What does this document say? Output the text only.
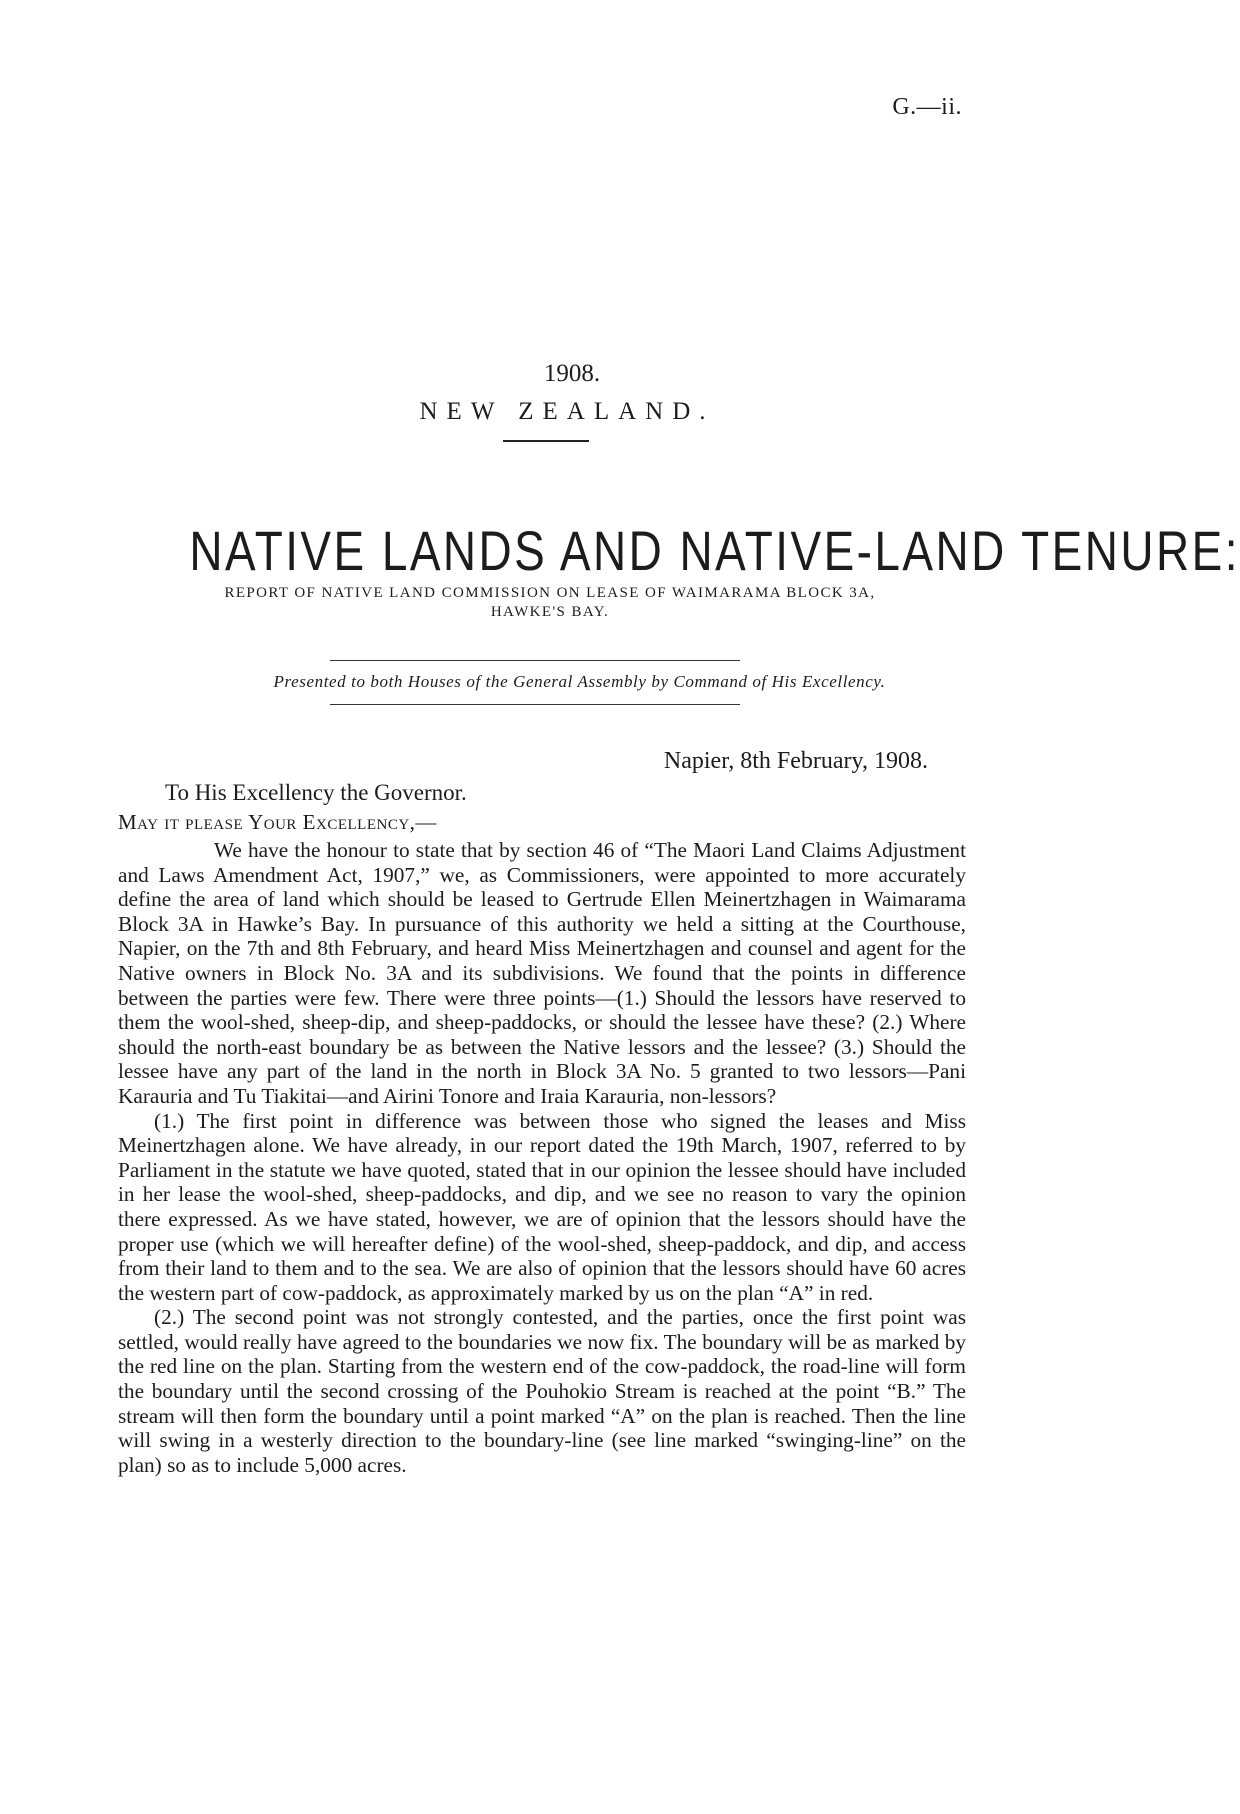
G.—ii.
1908.
NEW ZEALAND.
NATIVE LANDS AND NATIVE-LAND TENURE:
REPORT OF NATIVE LAND COMMISSION ON LEASE OF WAIMARAMA BLOCK 3A,
HAWKE'S BAY.
Presented to both Houses of the General Assembly by Command of His Excellency.
Napier, 8th February, 1908.
To His Excellency the Governor.
May it please Your Excellency,—

We have the honour to state that by section 46 of “The Maori Land Claims Adjustment and Laws Amendment Act, 1907,” we, as Commissioners, were appointed to more accurately define the area of land which should be leased to Gertrude Ellen Meinertzhagen in Waimarama Block 3A in Hawke’s Bay. In pursuance of this authority we held a sitting at the Courthouse, Napier, on the 7th and 8th February, and heard Miss Meinertzhagen and counsel and agent for the Native owners in Block No. 3A and its subdivisions. We found that the points in difference between the parties were few. There were three points—(1.) Should the lessors have reserved to them the wool-shed, sheep-dip, and sheep-paddocks, or should the lessee have these? (2.) Where should the north-east boundary be as between the Native lessors and the lessee? (3.) Should the lessee have any part of the land in the north in Block 3A No. 5 granted to two lessors—Pani Karauria and Tu Tiakitai—and Airini Tonore and Iraia Karauria, non-lessors?

(1.) The first point in difference was between those who signed the leases and Miss Meinertzhagen alone. We have already, in our report dated the 19th March, 1907, referred to by Parliament in the statute we have quoted, stated that in our opinion the lessee should have included in her lease the wool-shed, sheep-paddocks, and dip, and we see no reason to vary the opinion there expressed. As we have stated, however, we are of opinion that the lessors should have the proper use (which we will hereafter define) of the wool-shed, sheep-paddock, and dip, and access from their land to them and to the sea. We are also of opinion that the lessors should have 60 acres the western part of cow-paddock, as approximately marked by us on the plan “A” in red.

(2.) The second point was not strongly contested, and the parties, once the first point was settled, would really have agreed to the boundaries we now fix. The boundary will be as marked by the red line on the plan. Starting from the western end of the cow-paddock, the road-line will form the boundary until the second crossing of the Pouhokio Stream is reached at the point “B.” The stream will then form the boundary until a point marked “A” on the plan is reached. Then the line will swing in a westerly direction to the boundary-line (see line marked “swinging-line” on the plan) so as to include 5,000 acres.
